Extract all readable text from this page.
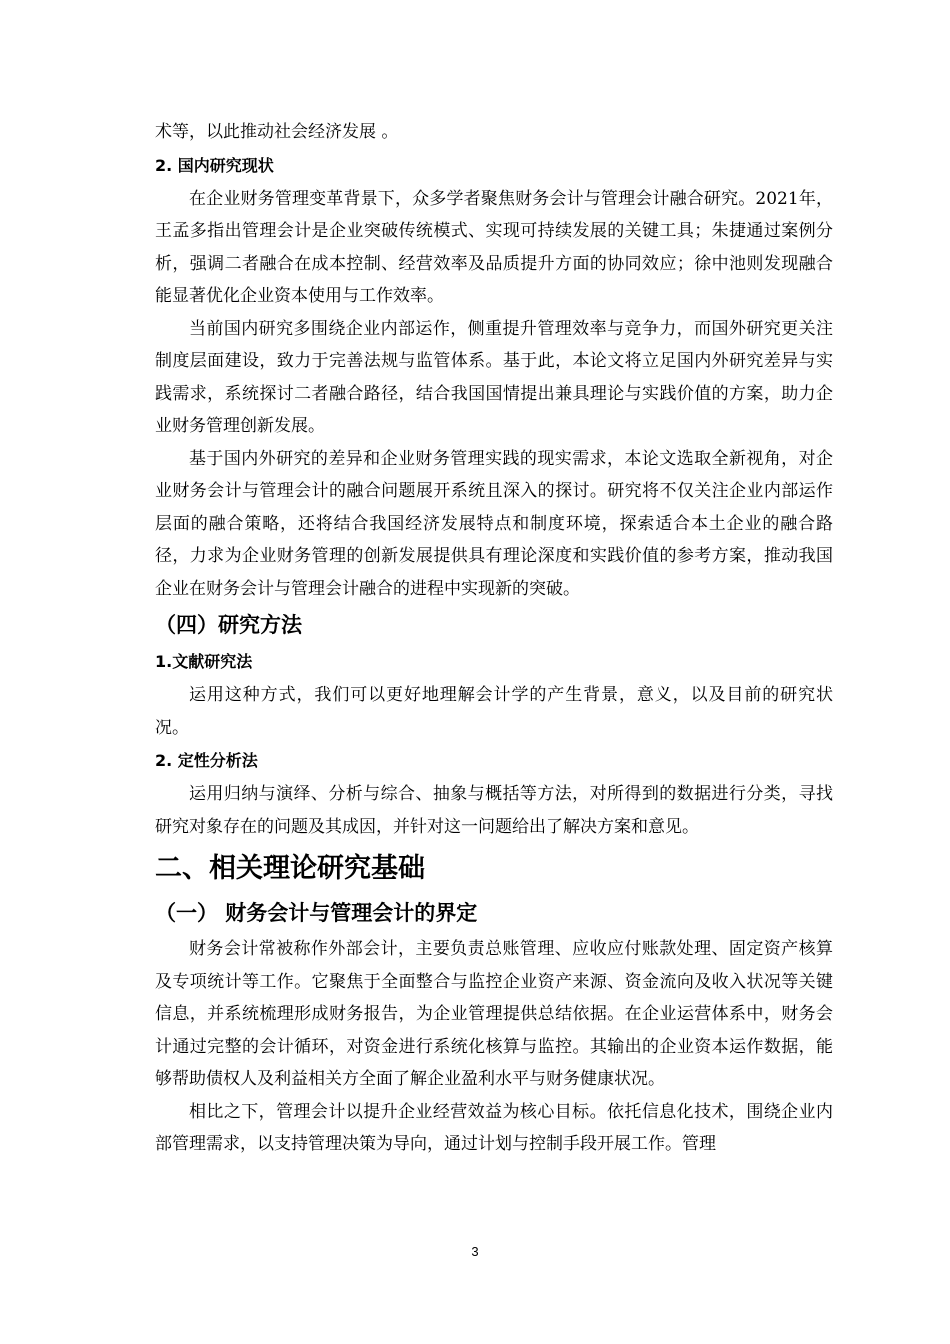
术等，以此推动社会经济发展 。

2. 国内研究现状

在企业财务管理变革背景下，众多学者聚焦财务会计与管理会计融合研究。2021年，王孟多指出管理会计是企业突破传统模式、实现可持续发展的关键工具；朱捷通过案例分析，强调二者融合在成本控制、经营效率及品质提升方面的协同效应；徐中池则发现融合能显著优化企业资本使用与工作效率。

当前国内研究多围绕企业内部运作，侧重提升管理效率与竞争力，而国外研究更关注制度层面建设，致力于完善法规与监管体系。基于此，本论文将立足国内外研究差异与实践需求，系统探讨二者融合路径，结合我国国情提出兼具理论与实践价值的方案，助力企业财务管理创新发展。

基于国内外研究的差异和企业财务管理实践的现实需求，本论文选取全新视角，对企业财务会计与管理会计的融合问题展开系统且深入的探讨。研究将不仅关注企业内部运作层面的融合策略，还将结合我国经济发展特点和制度环境，探索适合本土企业的融合路径，力求为企业财务管理的创新发展提供具有理论深度和实践价值的参考方案，推动我国企业在财务会计与管理会计融合的进程中实现新的突破。

（四）研究方法

1.文献研究法

运用这种方式，我们可以更好地理解会计学的产生背景，意义，以及目前的研究状况。

2. 定性分析法

运用归纳与演绎、分析与综合、抽象与概括等方法，对所得到的数据进行分类，寻找研究对象存在的问题及其成因，并针对这一问题给出了解决方案和意见。

二、相关理论研究基础

（一） 财务会计与管理会计的界定

财务会计常被称作外部会计，主要负责总账管理、应收应付账款处理、固定资产核算及专项统计等工作。它聚焦于全面整合与监控企业资产来源、资金流向及收入状况等关键信息，并系统梳理形成财务报告，为企业管理提供总结依据。在企业运营体系中，财务会计通过完整的会计循环，对资金进行系统化核算与监控。其输出的企业资本运作数据，能够帮助债权人及利益相关方全面了解企业盈利水平与财务健康状况。

相比之下，管理会计以提升企业经营效益为核心目标。依托信息化技术，围绕企业内部管理需求，以支持管理决策为导向，通过计划与控制手段开展工作。管理

3
